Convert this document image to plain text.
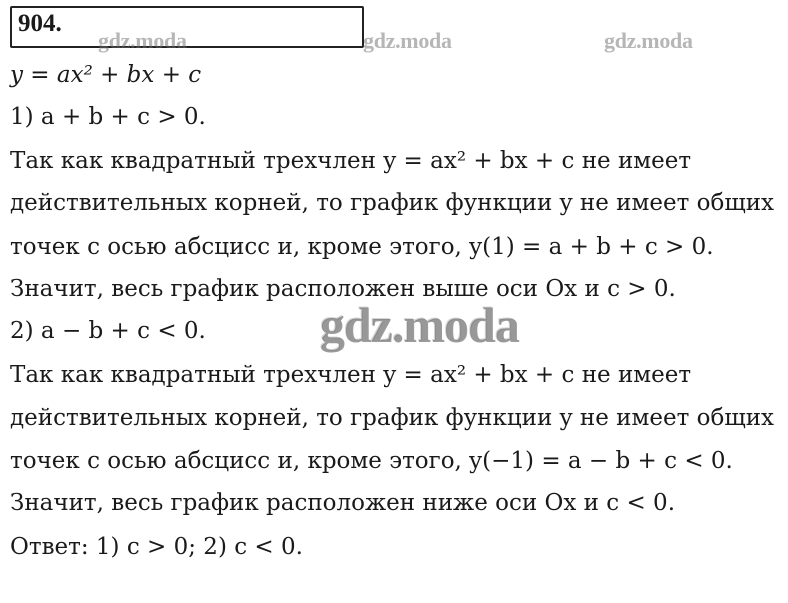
904.
gdz.moda	gdz.moda	gdz.moda
gdz.moda
y = ax² + bx + c
1) a + b + c > 0.
Так как квадратный трехчлен y = ax² + bx + c не имеет
действительных корней, то график функции y не имеет общих
точек с осью абсцисс и, кроме этого, y(1) = a + b + c > 0.
Значит, весь график расположен выше оси Ox и c > 0.
2) a − b + c < 0.
Так как квадратный трехчлен y = ax² + bx + c не имеет
действительных корней, то график функции y не имеет общих
точек с осью абсцисс и, кроме этого, y(−1) = a − b + c < 0.
Значит, весь график расположен ниже оси Ox и c < 0.
Ответ: 1) c > 0; 2) c < 0.
